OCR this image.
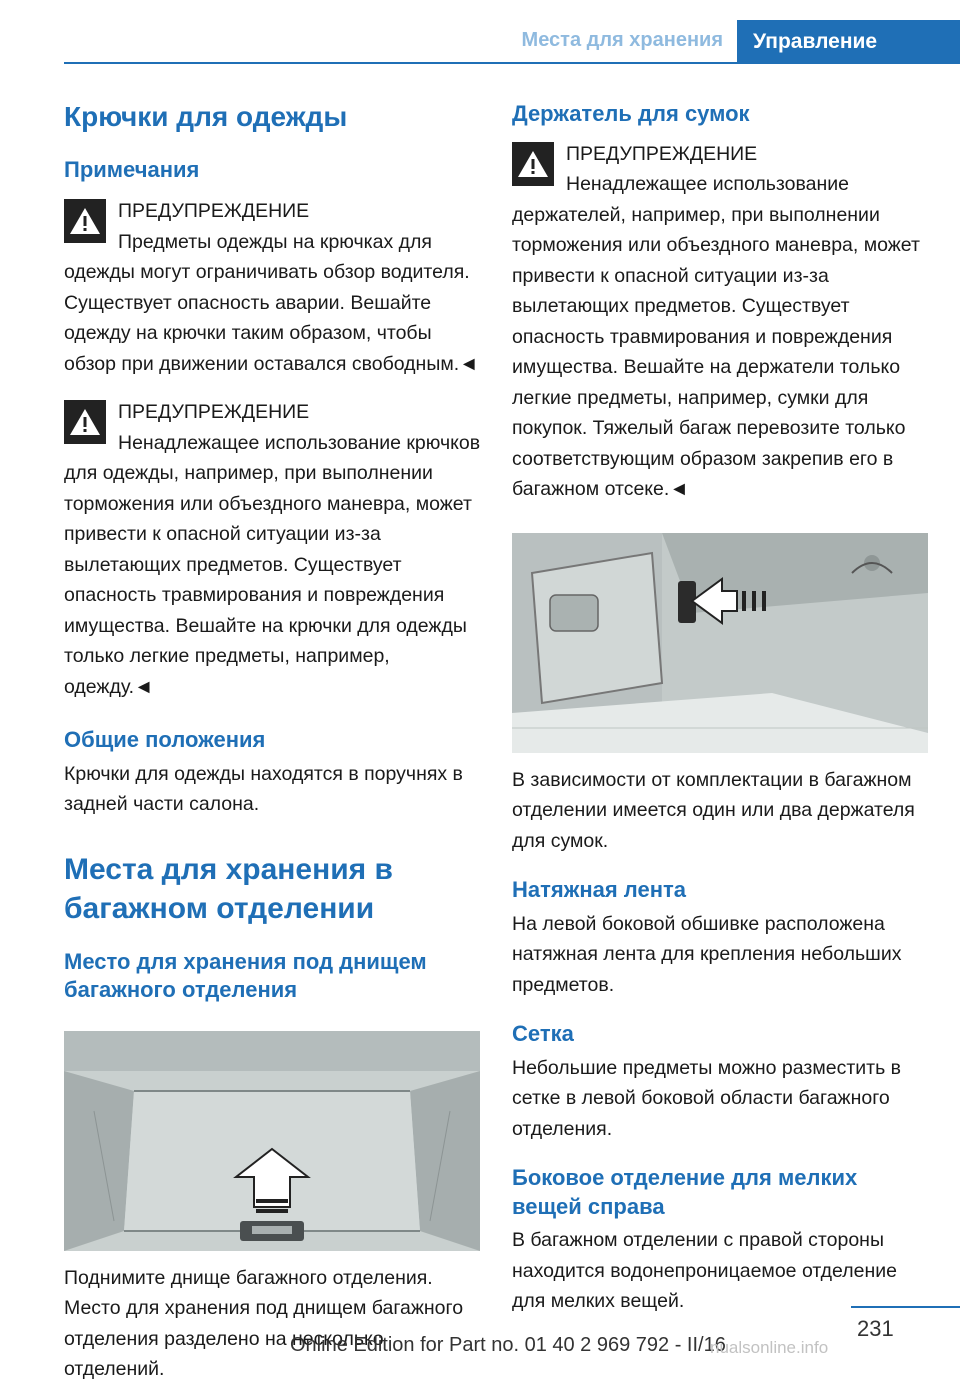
Места для хранения	Управление
Крючки для одежды
Примечания
ПРЕДУПРЕЖДЕНИЕ

Предметы одежды на крючках для одежды могут ограничивать обзор водителя. Существует опасность аварии. Вешайте одежду на крючки таким образом, чтобы обзор при движении оставался свободным.◄

ПРЕДУПРЕЖДЕНИЕ

Ненадлежащее использование крючков для одежды, например, при выполнении торможения или объездного маневра, может привести к опасной ситуации из-за вылетающих предметов. Существует опасность травмирования и повреждения имущества. Вешайте на крючки для одежды только легкие предметы, например, одежду.◄

Общие положения

Крючки для одежды находятся в поручнях в задней части салона.

Места для хранения в багажном отделении
Место для хранения под днищем багажного отделения

Поднимите днище багажного отделения. Место для хранения под днищем багажного отделения разделено на несколько отделений.

Держатель для сумок
ПРЕДУПРЕЖДЕНИЕ

Ненадлежащее использование держателей, например, при выполнении торможения или объездного маневра, может привести к опасной ситуации из-за вылетающих предметов. Существует опасность травмирования и повреждения имущества. Вешайте на держатели только легкие предметы, например, сумки для покупок. Тяжелый багаж перевозите только соответствующим образом закрепив его в багажном отсеке.◄

В зависимости от комплектации в багажном отделении имеется один или два держателя для сумок.

Натяжная лента

На левой боковой обшивке расположена натяжная лента для крепления небольших предметов.

Сетка

Небольшие предметы можно разместить в сетке в левой боковой области багажного отделения.

Боковое отделение для мелких вещей справа

В багажном отделении с правой стороны находится водонепроницаемое отделение для мелких вещей.

231
Online Edition for Part no. 01 40 2 969 792 - II/16
nualsonline.info
